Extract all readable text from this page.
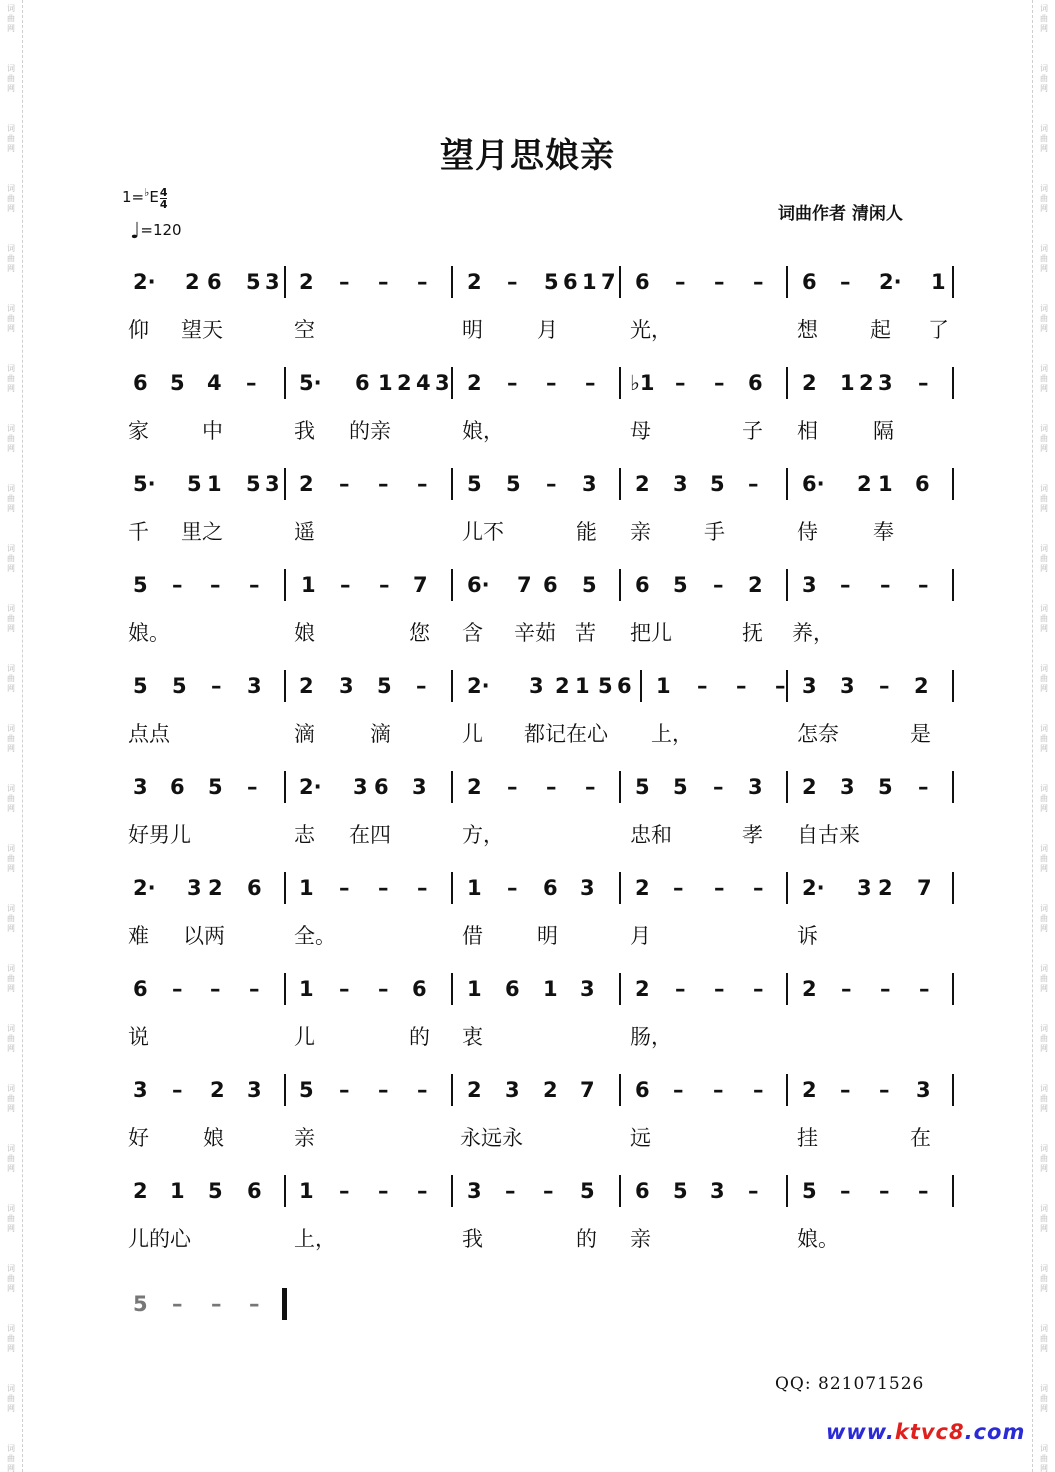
词
曲
网
词
曲
网
词
曲
网
词
曲
网
词
曲
网
词
曲
网
词
曲
网
词
曲
网
词
曲
网
词
曲
网
词
曲
网
词
曲
网
词
曲
网
词
曲
网
词
曲
网
词
曲
网
词
曲
网
词
曲
网
词
曲
网
词
曲
网
词
曲
网
词
曲
网
词
曲
网
词
曲
网
词
曲
网
词
曲
网
词
曲
网
词
曲
网
词
曲
网
词
曲
网
词
曲
网
词
曲
网
词
曲
网
词
曲
网
词
曲
网
词
曲
网
词
曲
网
词
曲
网
词
曲
网
词
曲
网
词
曲
网
词
曲
网
词
曲
网
词
曲
网
词
曲
网
词
曲
网
词
曲
网
词
曲
网
词
曲
网
词
曲
网
望月思娘亲
$1=^♭E \frac{4}{4}$
♩=120
词曲作者 清闲人
2· 2 6 5 3 2 – – – 2 – 5 6 1 7 6 – – – 6 – 2· 1
仰 望天	空	明	月	光，	想 起 了
6 5 4 – 5· 6 1 2 4 3 2 – – – ♭1 – – 6 2 1 2 3 –
家	中	我 的亲	娘，	母	子 相	隔
5· 5 1 5 3 2 – – – 5 5 – 3 2 3 5 – 6· 2 1 6
千 里之	遥	儿不	能 亲	手	侍	奉
5 – – – 1 – – 7 6· 7 6 5 6 5 – 2 3 – – –
娘。	娘	您 含 辛茹 苦 把儿	抚 养，
5 5 – 3 2 3 5 – 2· 3 2 1 5 6 1 – – – 3 3 – 2
点点	滴	滴	儿 都记在心 上，	怎奈	是
3 6 5 – 2· 3 6 3 2 – – – 5 5 – 3 2 3 5 –
好男儿	志 在四	方，	忠和	孝 自古来
2· 3 2 6 1 – – – 1 – 6 3 2 – – – 2· 3 2 7
难 以两	全。	借	明	月	诉
6 – – – 1 – – 6 1 6 1 3 2 – – – 2 – – –
说	儿	的 衷	肠，
3 – 2 3 5 – – – 2 3 2 7 6 – – – 2 – – 3
好	娘	亲	永远永	远	挂	在
2 1 5 6 1 – – – 3 – – 5 6 5 3 – 5 – – –
儿的心	上，	我	的 亲	娘。
5 – – –
QQ: 821071526
www.ktvc8.com
